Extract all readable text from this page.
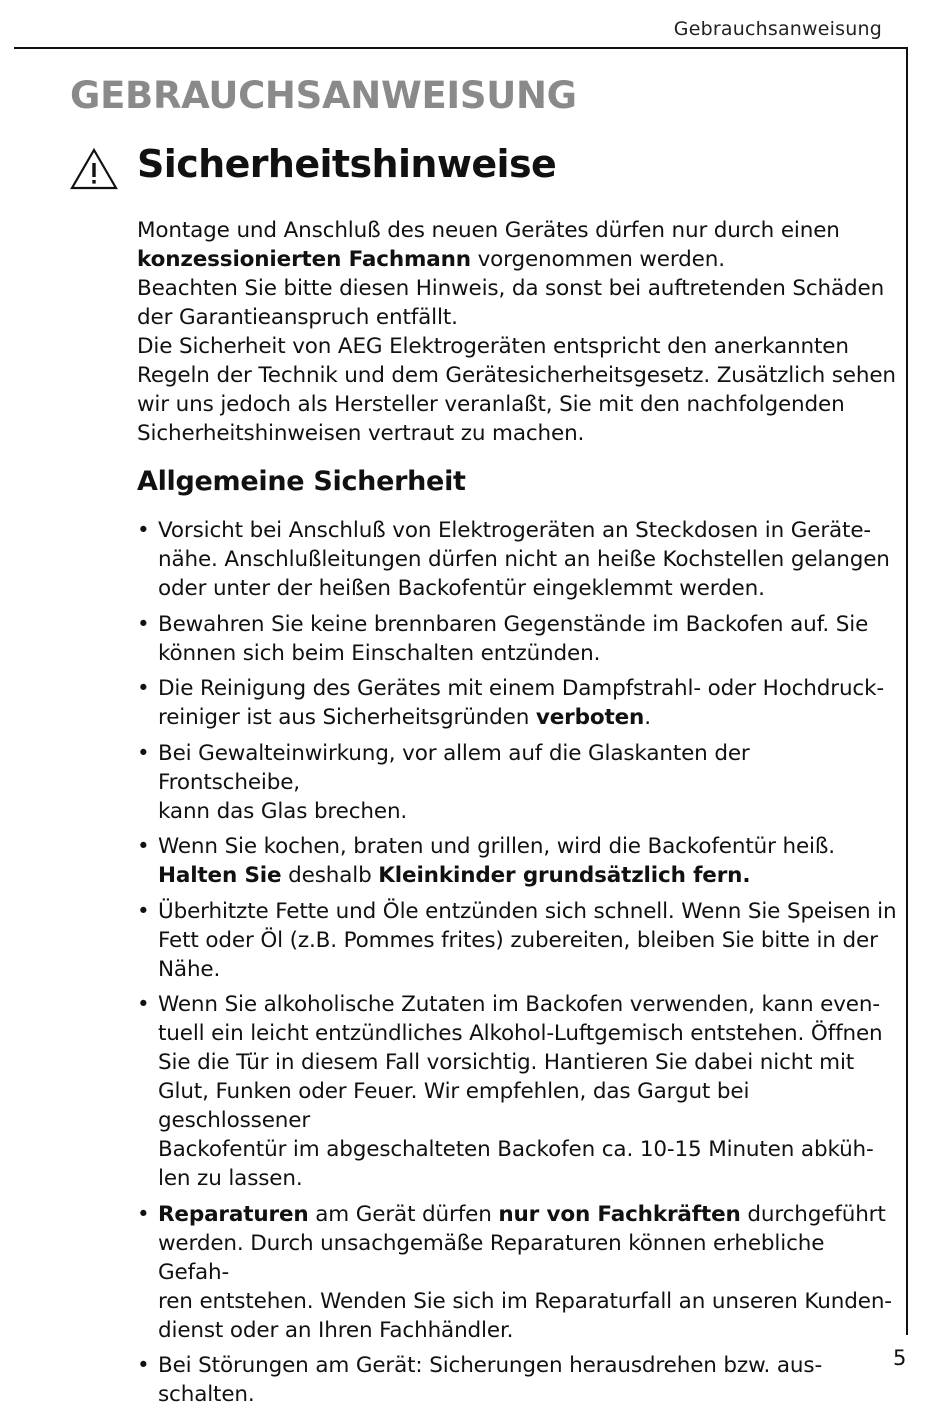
Gebrauchsanweisung
GEBRAUCHSANWEISUNG
Sicherheitshinweise

Montage und Anschluß des neuen Gerätes dürfen nur durch einen konzessionierten Fachmann vorgenommen werden.

Beachten Sie bitte diesen Hinweis, da sonst bei auftretenden Schäden der Garantieanspruch entfällt.

Die Sicherheit von AEG Elektrogeräten entspricht den anerkannten Regeln der Technik und dem Gerätesicherheitsgesetz. Zusätzlich sehen wir uns jedoch als Hersteller veranlaßt, Sie mit den nachfolgenden Sicherheitshinweisen vertraut zu machen.

Allgemeine Sicherheit

• Vorsicht bei Anschluß von Elektrogeräten an Steckdosen in Geräte-
nähe. Anschlußleitungen dürfen nicht an heiße Kochstellen gelangen
oder unter der heißen Backofentür eingeklemmt werden.

• Bewahren Sie keine brennbaren Gegenstände im Backofen auf. Sie
können sich beim Einschalten entzünden.

• Die Reinigung des Gerätes mit einem Dampfstrahl- oder Hochdruck-
reiniger ist aus Sicherheitsgründen verboten.

• Bei Gewalteinwirkung, vor allem auf die Glaskanten der Frontscheibe,
kann das Glas brechen.

• Wenn Sie kochen, braten und grillen, wird die Backofentür heiß.
Halten Sie deshalb Kleinkinder grundsätzlich fern.

• Überhitzte Fette und Öle entzünden sich schnell. Wenn Sie Speisen in
Fett oder Öl (z.B. Pommes frites) zubereiten, bleiben Sie bitte in der Nähe.

• Wenn Sie alkoholische Zutaten im Backofen verwenden, kann even-
tuell ein leicht entzündliches Alkohol-Luftgemisch entstehen. Öffnen
Sie die Tür in diesem Fall vorsichtig. Hantieren Sie dabei nicht mit
Glut, Funken oder Feuer. Wir empfehlen, das Gargut bei geschlossener
Backofentür im abgeschalteten Backofen ca. 10-15 Minuten abküh-
len zu lassen.

• Reparaturen am Gerät dürfen nur von Fachkräften durchgeführt
werden. Durch unsachgemäße Reparaturen können erhebliche Gefah-
ren entstehen. Wenden Sie sich im Reparaturfall an unseren Kunden-
dienst oder an Ihren Fachhändler.

• Bei Störungen am Gerät: Sicherungen herausdrehen bzw. aus-
schalten.

5
